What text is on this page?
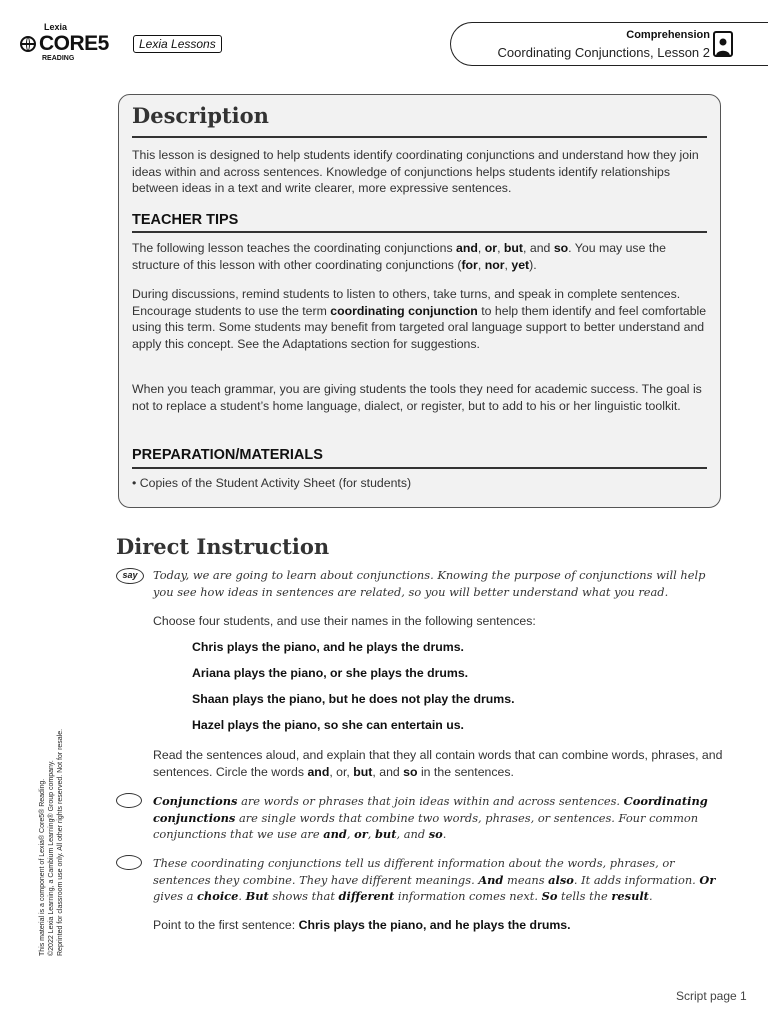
Lexia
CORE5
READING
Lexia Lessons
Comprehension
Coordinating Conjunctions, Lesson 2
Description

This lesson is designed to help students identify coordinating conjunctions and understand how they join ideas within and across sentences. Knowledge of conjunctions helps students identify relationships between ideas in a text and write clearer, more expressive sentences.

TEACHER TIPS

The following lesson teaches the coordinating conjunctions and, or, but, and so. You may use the structure of this lesson with other coordinating conjunctions (for, nor, yet).

During discussions, remind students to listen to others, take turns, and speak in complete sentences. Encourage students to use the term coordinating conjunction to help them identify and feel comfortable using this term. Some students may benefit from targeted oral language support to better understand and apply this concept. See the Adaptations section for suggestions.

When you teach grammar, you are giving students the tools they need for academic success. The goal is not to replace a student’s home language, dialect, or register, but to add to his or her linguistic toolkit.

PREPARATION/MATERIALS

• Copies of the Student Activity Sheet (for students)

Direct Instruction
say	Today, we are going to learn about conjunctions. Knowing the purpose of conjunctions will help you see how ideas in sentences are related, so you will better understand what you read.

Choose four students, and use their names in the following sentences:

Chris plays the piano, and he plays the drums.

Ariana plays the piano, or she plays the drums.

Shaan plays the piano, but he does not play the drums.

Hazel plays the piano, so she can entertain us.

Read the sentences aloud, and explain that they all contain words that can combine words, phrases, and sentences. Circle the words and, or, but, and so in the sentences.

Conjunctions are words or phrases that join ideas within and across sentences. Coordinating conjunctions are single words that combine two words, phrases, or sentences. Four common conjunctions that we use are and, or, but, and so.

These coordinating conjunctions tell us different information about the words, phrases, or sentences they combine. They have different meanings. And means also. It adds information. Or gives a choice. But shows that different information comes next. So tells the result.

Point to the first sentence: Chris plays the piano, and he plays the drums.

This material is a component of Lexia® Core5® Reading. ©2022 Lexia Learning, a Cambium Learning® Group company. Reprinted for classroom use only. All other rights reserved. Not for resale.
Script page 1
